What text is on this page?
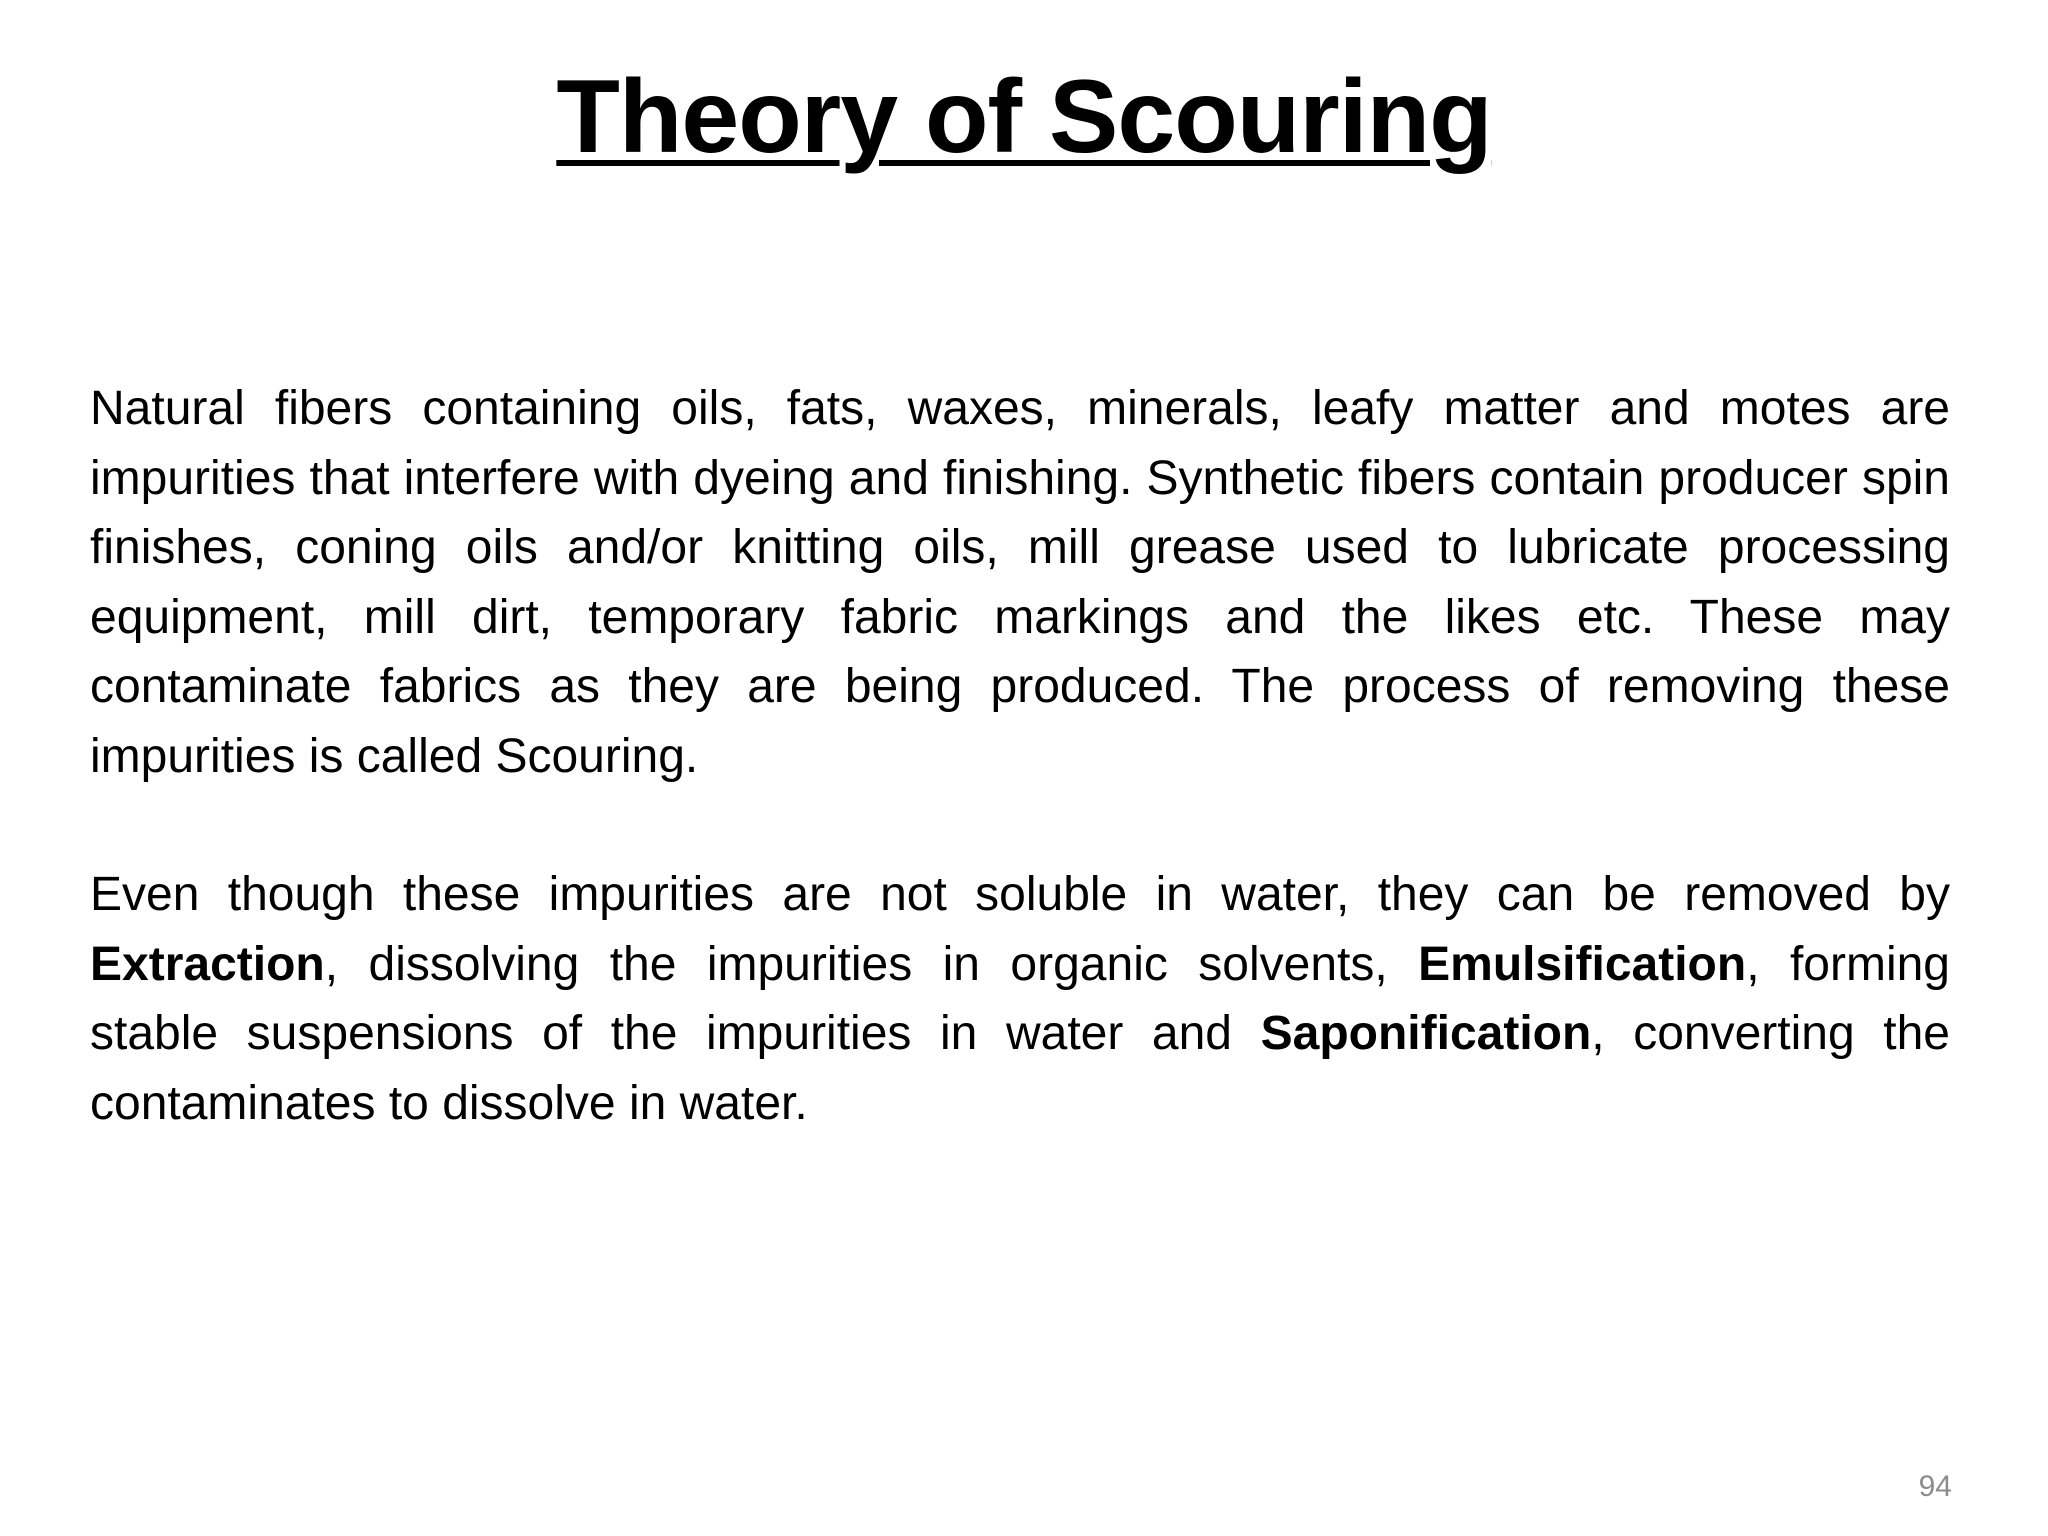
Theory of Scouring

Natural fibers containing oils, fats, waxes, minerals, leafy matter and motes are impurities that interfere with dyeing and finishing. Synthetic fibers contain producer spin finishes, coning oils and/or knitting oils, mill grease used to lubricate processing equipment, mill dirt, temporary fabric markings and the likes etc. These may contaminate fabrics as they are being produced. The process of removing these impurities is called Scouring.

Even though these impurities are not soluble in water, they can be removed by Extraction, dissolving the impurities in organic solvents, Emulsification, forming stable suspensions of the impurities in water and Saponification, converting the contaminates to dissolve in water.

94
